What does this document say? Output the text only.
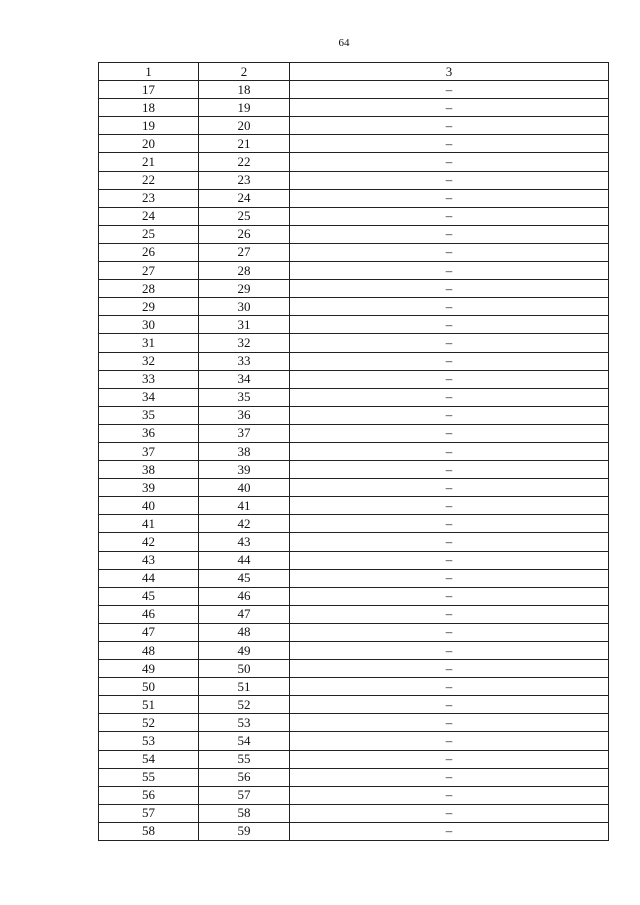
64
1	2	3
17	18	–
18	19	–
19	20	–
20	21	–
21	22	–
22	23	–
23	24	–
24	25	–
25	26	–
26	27	–
27	28	–
28	29	–
29	30	–
30	31	–
31	32	–
32	33	–
33	34	–
34	35	–
35	36	–
36	37	–
37	38	–
38	39	–
39	40	–
40	41	–
41	42	–
42	43	–
43	44	–
44	45	–
45	46	–
46	47	–
47	48	–
48	49	–
49	50	–
50	51	–
51	52	–
52	53	–
53	54	–
54	55	–
55	56	–
56	57	–
57	58	–
58	59	–
